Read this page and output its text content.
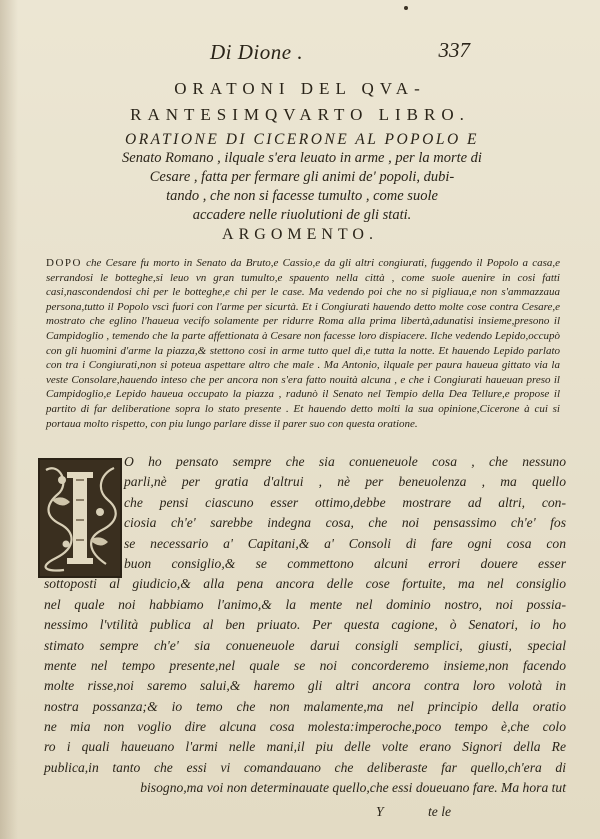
Di Dione .	337
ORATONI DEL QVA-
RANTESIMQVARTO LIBRO.
ORATIONE DI CICERONE AL POPOLO E
Senato Romano , ilquale s'era leuato in arme , per la morte di
Cesare , fatta per fermare gli animi de' popoli, dubi-
tando , che non si facesse tumulto , come suole
accadere nelle riuolutioni de gli stati.
ARGOMENTO.
DOPO che Cesare fu morto in Senato da Bruto,e Cassio,e da gli altri congiurati, fuggendo il Popolo a casa,e serrandosi le botteghe,si leuo vn gran tumulto,e spauento nella città , come suole auenire in cosi fatti casi,nascondendosi chi per le botteghe,e chi per le case. Ma vedendo poi che no si pigliaua,e non s'ammazzaua persona,tutto il Popolo vscì fuori con l'arme per sicurtà. Et i Congiurati hauendo detto molte cose contra Cesare,e mostrato che eglino l'haueua vecifo solamente per ridurre Roma alla prima libertà,adunatisi insieme,presono il Campidoglio , temendo che la parte affettionata à Cesare non facesse loro dispiacere. Ilche vedendo Lepido,occupò con gli huomini d'arme la piazza,& stettono cosi in arme tutto quel dì,e tutta la notte. Et hauendo Lepido parlato con tra i Congiurati,non si poteua aspettare altro che male . Ma Antonio, ilquale per paura haueua gittato via la veste Consolare,hauendo inteso che per ancora non s'era fatto nouità alcuna , e che i Congiurati haueuan preso il Campidoglio,e Lepido haueua occupato la piazza , radunò il Senato nel Tempio della Dea Tellure,e propose il partito di far deliberatione sopra lo stato presente . Et hauendo detto molti la sua opinione,Cicerone à cui si portaua molto rispetto, con piu lungo parlare disse il parer suo con questa oratione.
O ho pensato sempre che sia conueneuole cosa , che nessuno
parli,nè per gratia d'altrui , nè per beneuolenza , ma quello
che pensi ciascuno esser ottimo,debbe mostrare ad altri, con-
ciosia ch'e' sarebbe indegna cosa, che noi pensassimo ch'e' fos
se necessario a' Capitani,& a' Consoli di fare ogni cosa con
buon consiglio,& se commettono alcuni errori douere esser
sottoposti al giudicio,& alla pena ancora delle cose fortuite, ma nel consiglio
nel quale noi habbiamo l'animo,& la mente nel dominio nostro, noi possia-
nessimo l'vtilità publica al ben priuato. Per questa cagione, ò Senatori, io ho
stimato sempre ch'e' sia conueneuole darui consigli semplici, giusti, special
mente nel tempo presente,nel quale se noi concorderemo insieme,non facendo
molte risse,noi saremo salui,& haremo gli altri ancora contra loro volotà in
nostra possanza;& io temo che non malamente,ma nel principio della oratio
ne mia non voglio dire alcuna cosa molesta:imperoche,poco tempo è,che colo
ro i quali haueuano l'armi nelle mani,il piu delle volte erano Signori della Re
publica,in tanto che essi vi comandauano che deliberaste far quello,ch'era di
bisogno,ma voi non determinauate quello,che essi doueuano fare. Ma hora tut
Y	te le
